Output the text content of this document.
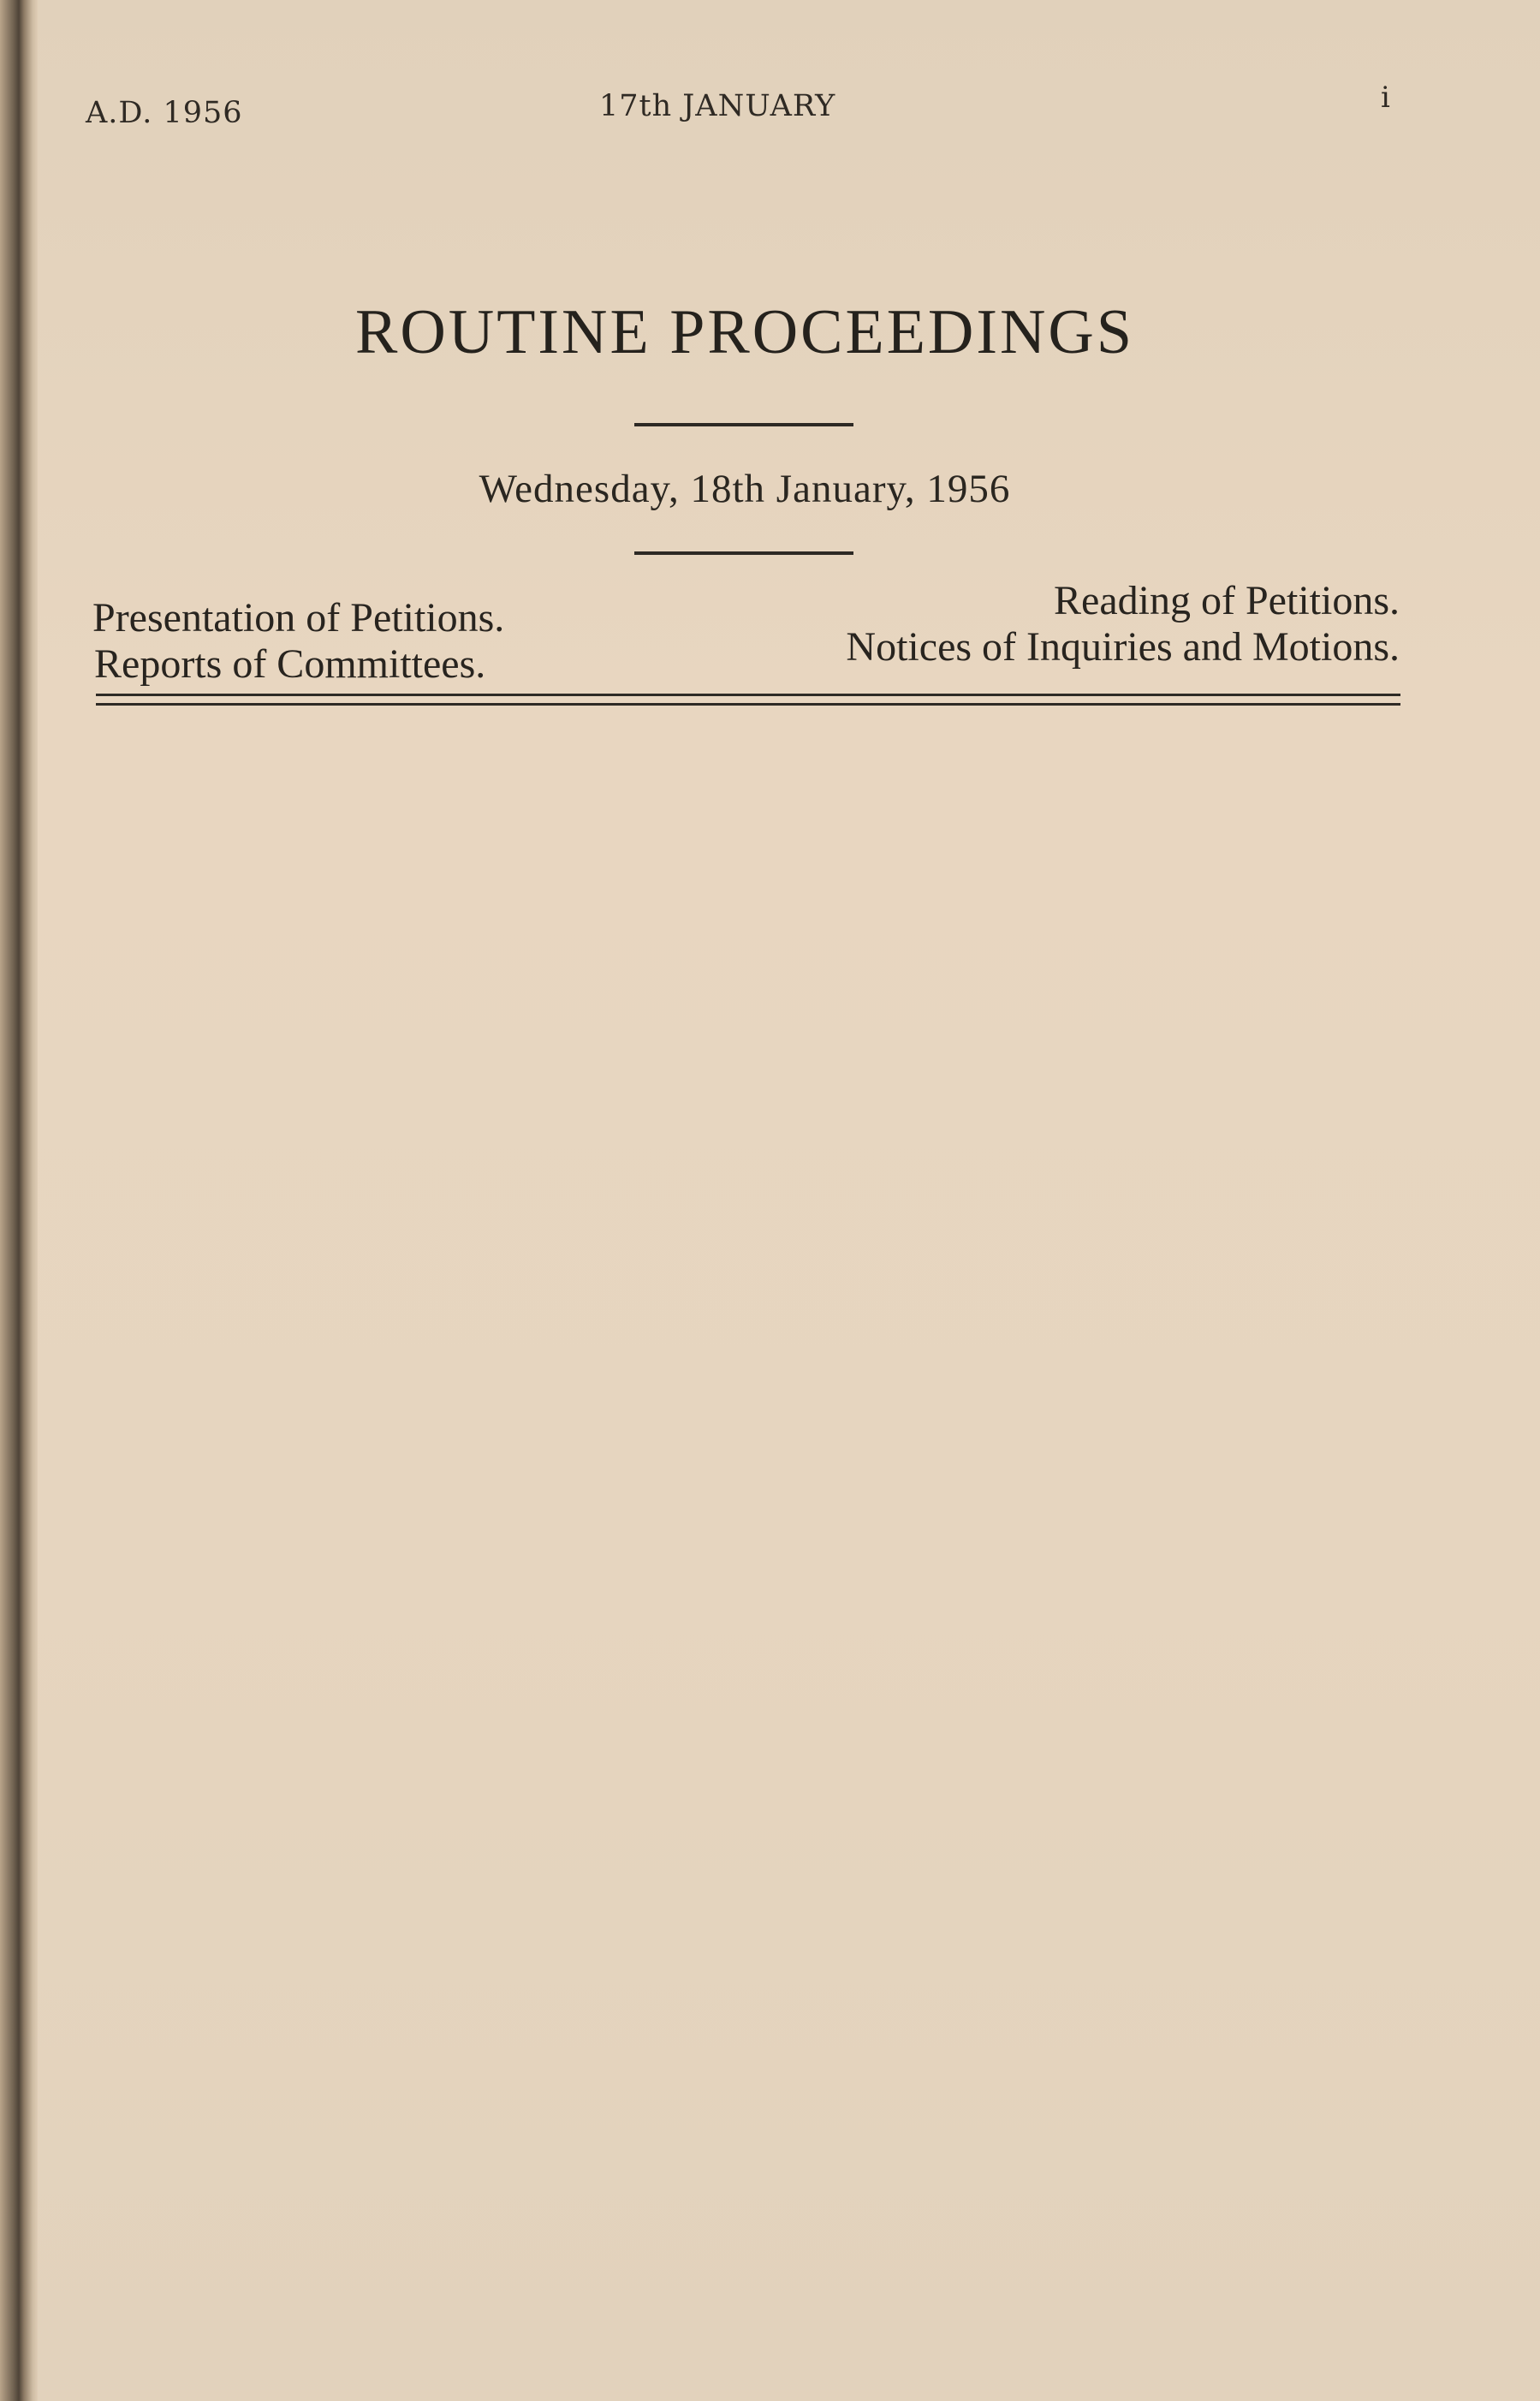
A.D. 1956	17th JANUARY	i
ROUTINE PROCEEDINGS
Wednesday, 18th January, 1956
Presentation of Petitions.
Reports of Committees.
Reading of Petitions.
Notices of Inquiries and Motions.
